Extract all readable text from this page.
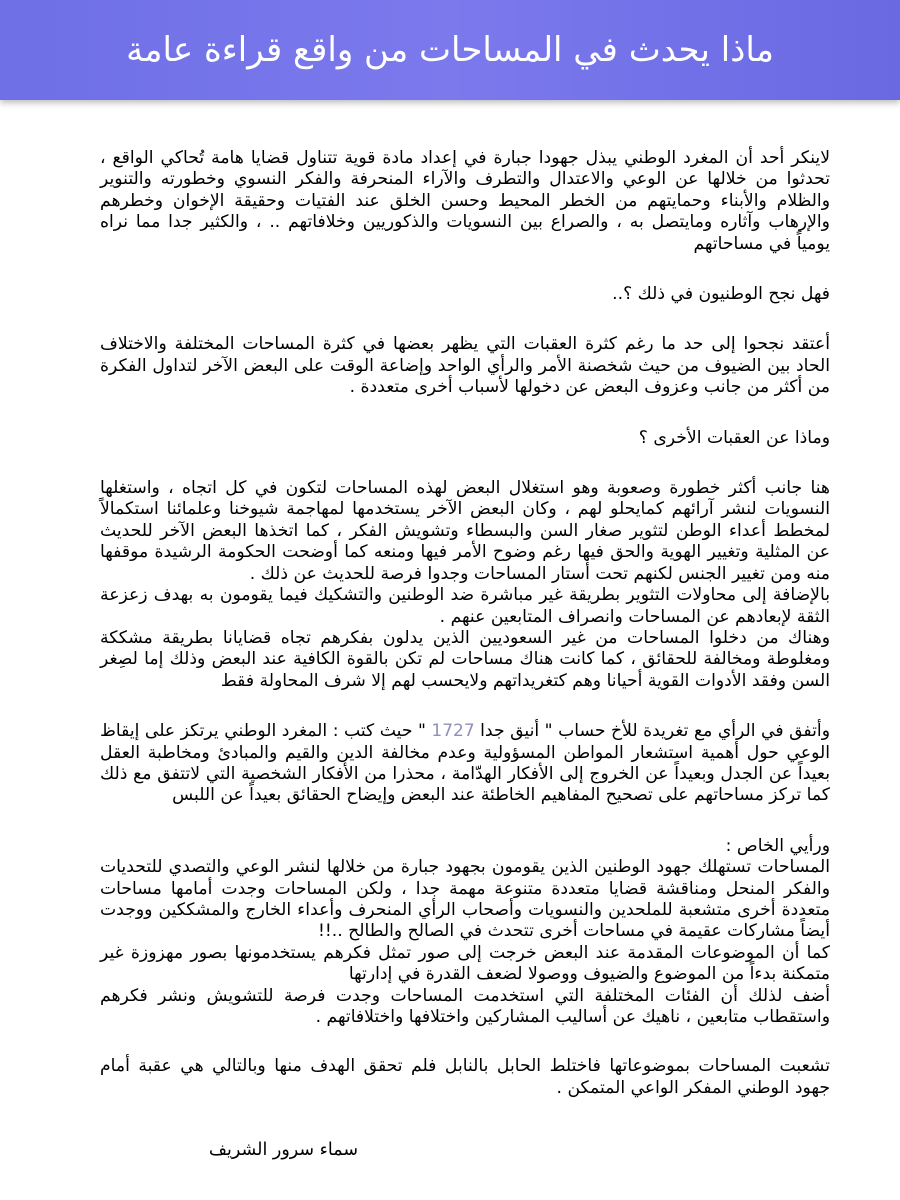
ماذا يحدث في المساحات من واقع قراءة عامة

لاينكر أحد أن المغرد الوطني يبذل جهودا جبارة في إعداد مادة قوية تتناول قضايا هامة تُحاكي الواقع ، تحدثوا من خلالها عن الوعي والاعتدال والتطرف والآراء المنحرفة والفكر النسوي وخطورته والتنوير والظلام والأبناء وحمايتهم من الخطر المحيط وحسن الخلق عند الفتيات وحقيقة الإخوان وخطرهم والإرهاب وآثاره ومايتصل به ، والصراع بين النسويات والذكوريين وخلافاتهم .. ، والكثير جدا مما نراه يومياً في مساحاتهم

فهل نجح الوطنيون في ذلك ؟..

أعتقد نجحوا إلى حد ما رغم كثرة العقبات التي يظهر بعضها في كثرة المساحات المختلفة والاختلاف الحاد بين الضيوف من حيث شخصنة الأمر والرأي الواحد وإضاعة الوقت على البعض الآخر لتداول الفكرة من أكثر من جانب وعزوف البعض عن دخولها لأسباب أخرى متعددة .

وماذا عن العقبات الأخرى ؟

هنا جانب أكثر خطورة وصعوبة وهو استغلال البعض لهذه المساحات لتكون في كل اتجاه ، واستغلها النسويات لنشر آرائهم كمايحلو لهم ، وكان البعض الآخر يستخدمها لمهاجمة شيوخنا وعلمائنا استكمالاً لمخطط أعداء الوطن لتثوير صغار السن والبسطاء وتشويش الفكر ، كما اتخذها البعض الآخر للحديث عن المثلية وتغيير الهوية والحق فيها رغم وضوح الأمر فيها ومنعه كما أوضحت الحكومة الرشيدة موقفها منه ومن تغيير الجنس لكنهم تحت أستار المساحات وجدوا فرصة للحديث عن ذلك .

بالإضافة إلى محاولات التثوير بطريقة غير مباشرة ضد الوطنين والتشكيك فيما يقومون به بهدف زعزعة الثقة لإبعادهم عن المساحات وانصراف المتابعين عنهم .

وهناك من دخلوا المساحات من غير السعوديين الذين يدلون بفكرهم تجاه قضايانا بطريقة مشككة ومغلوطة ومخالفة للحقائق ، كما كانت هناك مساحات لم تكن بالقوة الكافية عند البعض وذلك إما لصِغر السن وفقد الأدوات القوية أحيانا وهم كتغريداتهم ولايحسب لهم إلا شرف المحاولة فقط

وأتفق في الرأي مع تغريدة للأخ حساب " أنيق جدا 1727 " حيث كتب : المغرد الوطني يرتكز على إيقاظ الوعي حول أهمية استشعار المواطن المسؤولية وعدم مخالفة الدين والقيم والمبادئ ومخاطبة العقل بعيداً عن الجدل وبعيداً عن الخروج إلى الأفكار الهدّامة ، محذرا من الأفكار الشخصية التي لاتتفق مع ذلك كما تركز مساحاتهم على تصحيح المفاهيم الخاطئة عند البعض وإيضاح الحقائق بعيداً عن اللبس

ورأيي الخاص :

المساحات تستهلك جهود الوطنين الذين يقومون بجهود جبارة من خلالها لنشر الوعي والتصدي للتحديات والفكر المنحل ومناقشة قضايا متعددة متنوعة مهمة جدا ، ولكن المساحات وجدت أمامها مساحات متعددة أخرى متشعبة للملحدين والنسويات وأصحاب الرأي المنحرف وأعداء الخارج والمشككين ووجدت أيضاً مشاركات عقيمة في مساحات أخرى تتحدث في الصالح والطالح ..!!

كما أن الموضوعات المقدمة عند البعض خرجت إلى صور تمثل فكرهم يستخدمونها بصور مهزوزة غير متمكنة بدءاً من الموضوع والضيوف ووصولا لضعف القدرة في إدارتها

أضف لذلك أن الفئات المختلفة التي استخدمت المساحات وجدت فرصة للتشويش ونشر فكرهم واستقطاب متابعين ، ناهيك عن أساليب المشاركين واختلافها واختلافاتهم .

تشعبت المساحات بموضوعاتها فاختلط الحابل بالنابل فلم تحقق الهدف منها وبالتالي هي عقبة أمام جهود الوطني المفكر الواعي المتمكن .

سماء سرور الشريف
